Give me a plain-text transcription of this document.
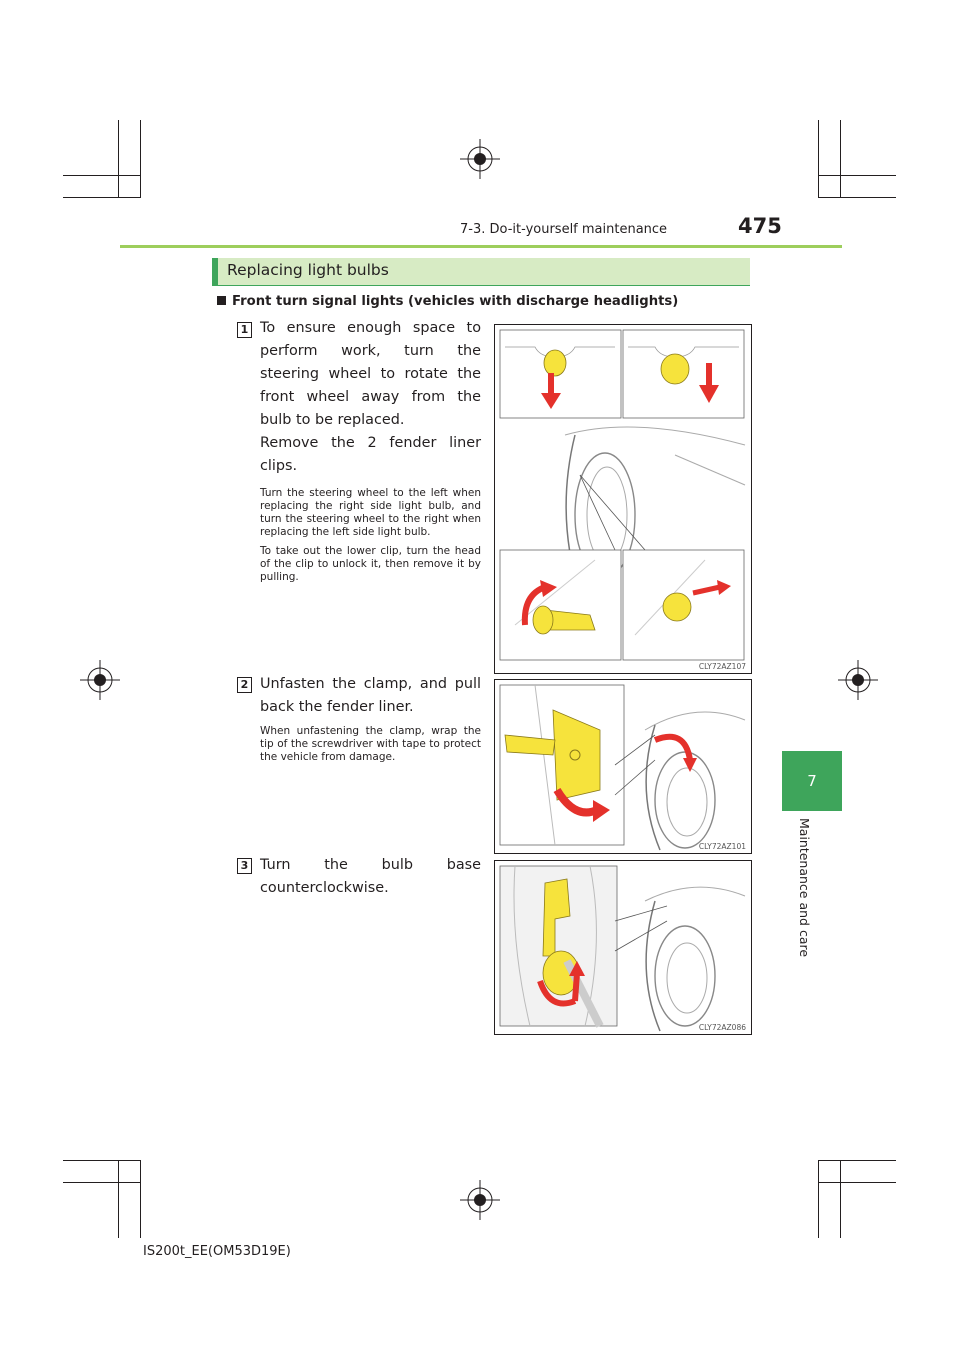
7-3. Do-it-yourself maintenance	475
7
Maintenance and care
Replacing light bulbs
Front turn signal lights (vehicles with discharge headlights)
1 To ensure enough space to perform work, turn the steering wheel to rotate the front wheel away from the bulb to be replaced.
Remove the 2 fender liner clips.
Turn the steering wheel to the left when replacing the right side light bulb, and turn the steering wheel to the right when replacing the left side light bulb.
To take out the lower clip, turn the head of the clip to unlock it, then remove it by pulling.
CLY72AZ107
2 Unfasten the clamp, and pull back the fender liner.
When unfastening the clamp, wrap the tip of the screwdriver with tape to protect the vehicle from damage.
CLY72AZ101
3 Turn the bulb base counterclockwise.
CLY72AZ086
IS200t_EE(OM53D19E)
